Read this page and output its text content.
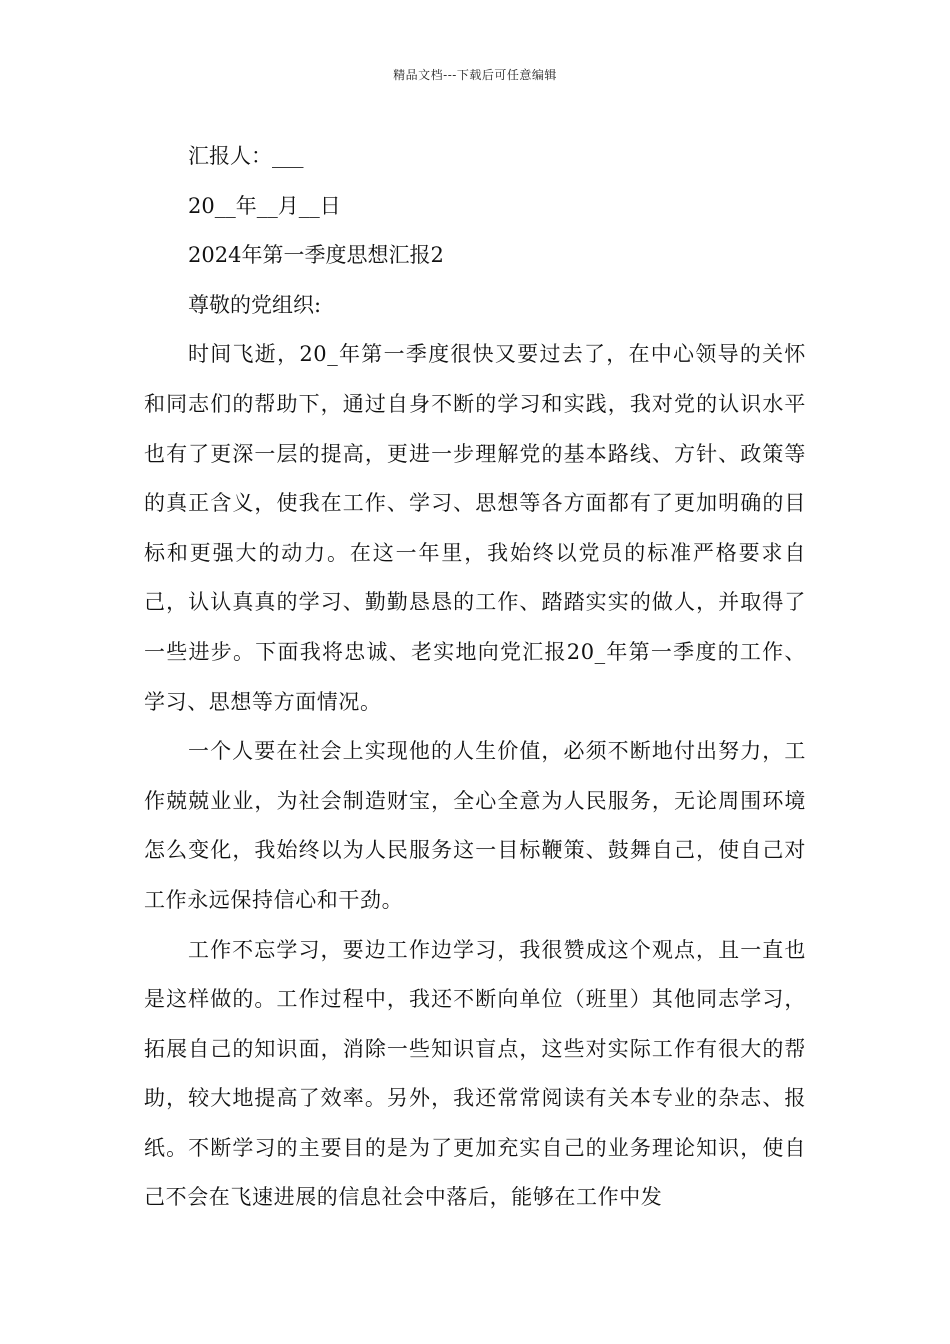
精品文档---下载后可任意编辑
汇报人：___
20__年__月__日
2024年第一季度思想汇报2
尊敬的党组织:

时间飞逝，20_年第一季度很快又要过去了，在中心领导的关怀和同志们的帮助下，通过自身不断的学习和实践，我对党的认识水平也有了更深一层的提高，更进一步理解党的基本路线、方针、政策等的真正含义，使我在工作、学习、思想等各方面都有了更加明确的目标和更强大的动力。在这一年里，我始终以党员的标准严格要求自己，认认真真的学习、勤勤恳恳的工作、踏踏实实的做人，并取得了一些进步。下面我将忠诚、老实地向党汇报20_年第一季度的工作、学习、思想等方面情况。

一个人要在社会上实现他的人生价值，必须不断地付出努力，工作兢兢业业，为社会制造财宝，全心全意为人民服务，无论周围环境怎么变化，我始终以为人民服务这一目标鞭策、鼓舞自己，使自己对工作永远保持信心和干劲。

工作不忘学习，要边工作边学习，我很赞成这个观点，且一直也是这样做的。工作过程中，我还不断向单位（班里）其他同志学习，拓展自己的知识面，消除一些知识盲点，这些对实际工作有很大的帮助，较大地提高了效率。另外，我还常常阅读有关本专业的杂志、报纸。不断学习的主要目的是为了更加充实自己的业务理论知识，使自己不会在飞速进展的信息社会中落后，能够在工作中发
